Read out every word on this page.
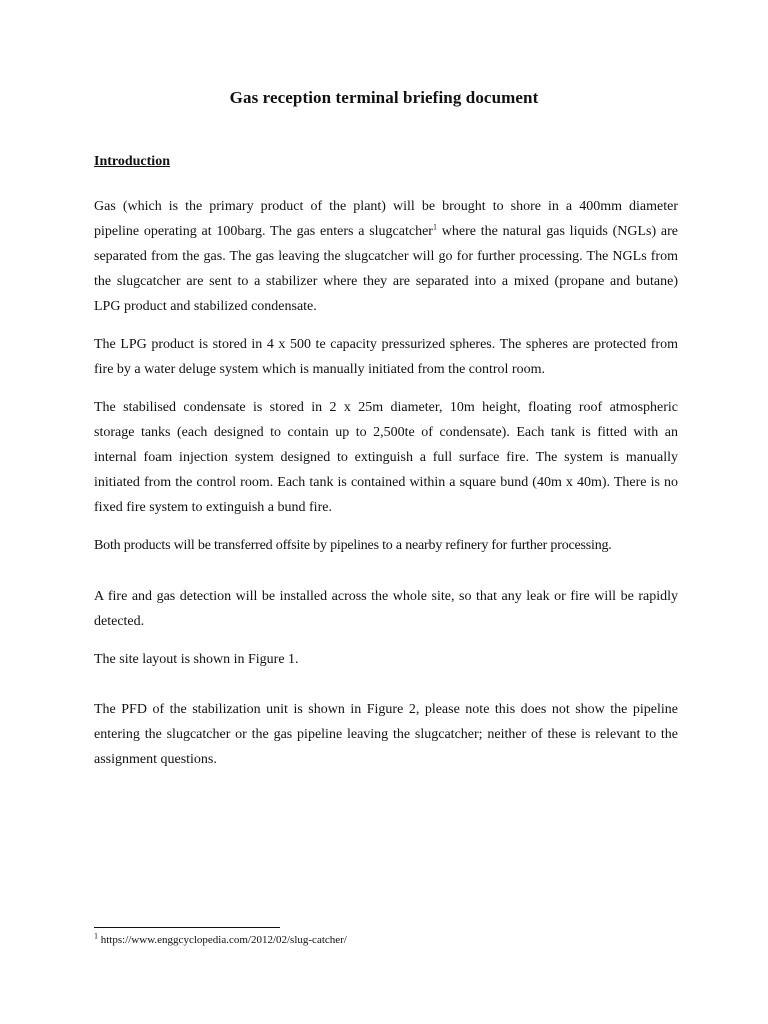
Gas reception terminal briefing document
Introduction
Gas (which is the primary product of the plant) will be brought to shore in a 400mm diameter
pipeline operating at 100barg. The gas enters a slugcatcher$^1$ where the natural gas liquids (NGLs) are
separated from the gas. The gas leaving the slugcatcher will go for further processing. The NGLs from
the slugcatcher are sent to a stabilizer where they are separated into a mixed (propane and butane)
LPG product and stabilized condensate.
The LPG product is stored in 4 x 500 te capacity pressurized spheres. The spheres are protected from
fire by a water deluge system which is manually initiated from the control room.
The stabilised condensate is stored in 2 x 25m diameter, 10m height, floating roof atmospheric
storage tanks (each designed to contain up to 2,500te of condensate). Each tank is fitted with an
internal foam injection system designed to extinguish a full surface fire. The system is manually
initiated from the control room. Each tank is contained within a square bund (40m x 40m). There is no
fixed fire system to extinguish a bund fire.
Both products will be transferred offsite by pipelines to a nearby refinery for further processing.
A fire and gas detection will be installed across the whole site, so that any leak or fire will be rapidly
detected.
The site layout is shown in Figure 1.
The PFD of the stabilization unit is shown in Figure 2, please note this does not show the pipeline
entering the slugcatcher or the gas pipeline leaving the slugcatcher; neither of these is relevant to the
assignment questions.
$^1$ https://www.enggcyclopedia.com/2012/02/slug-catcher/
